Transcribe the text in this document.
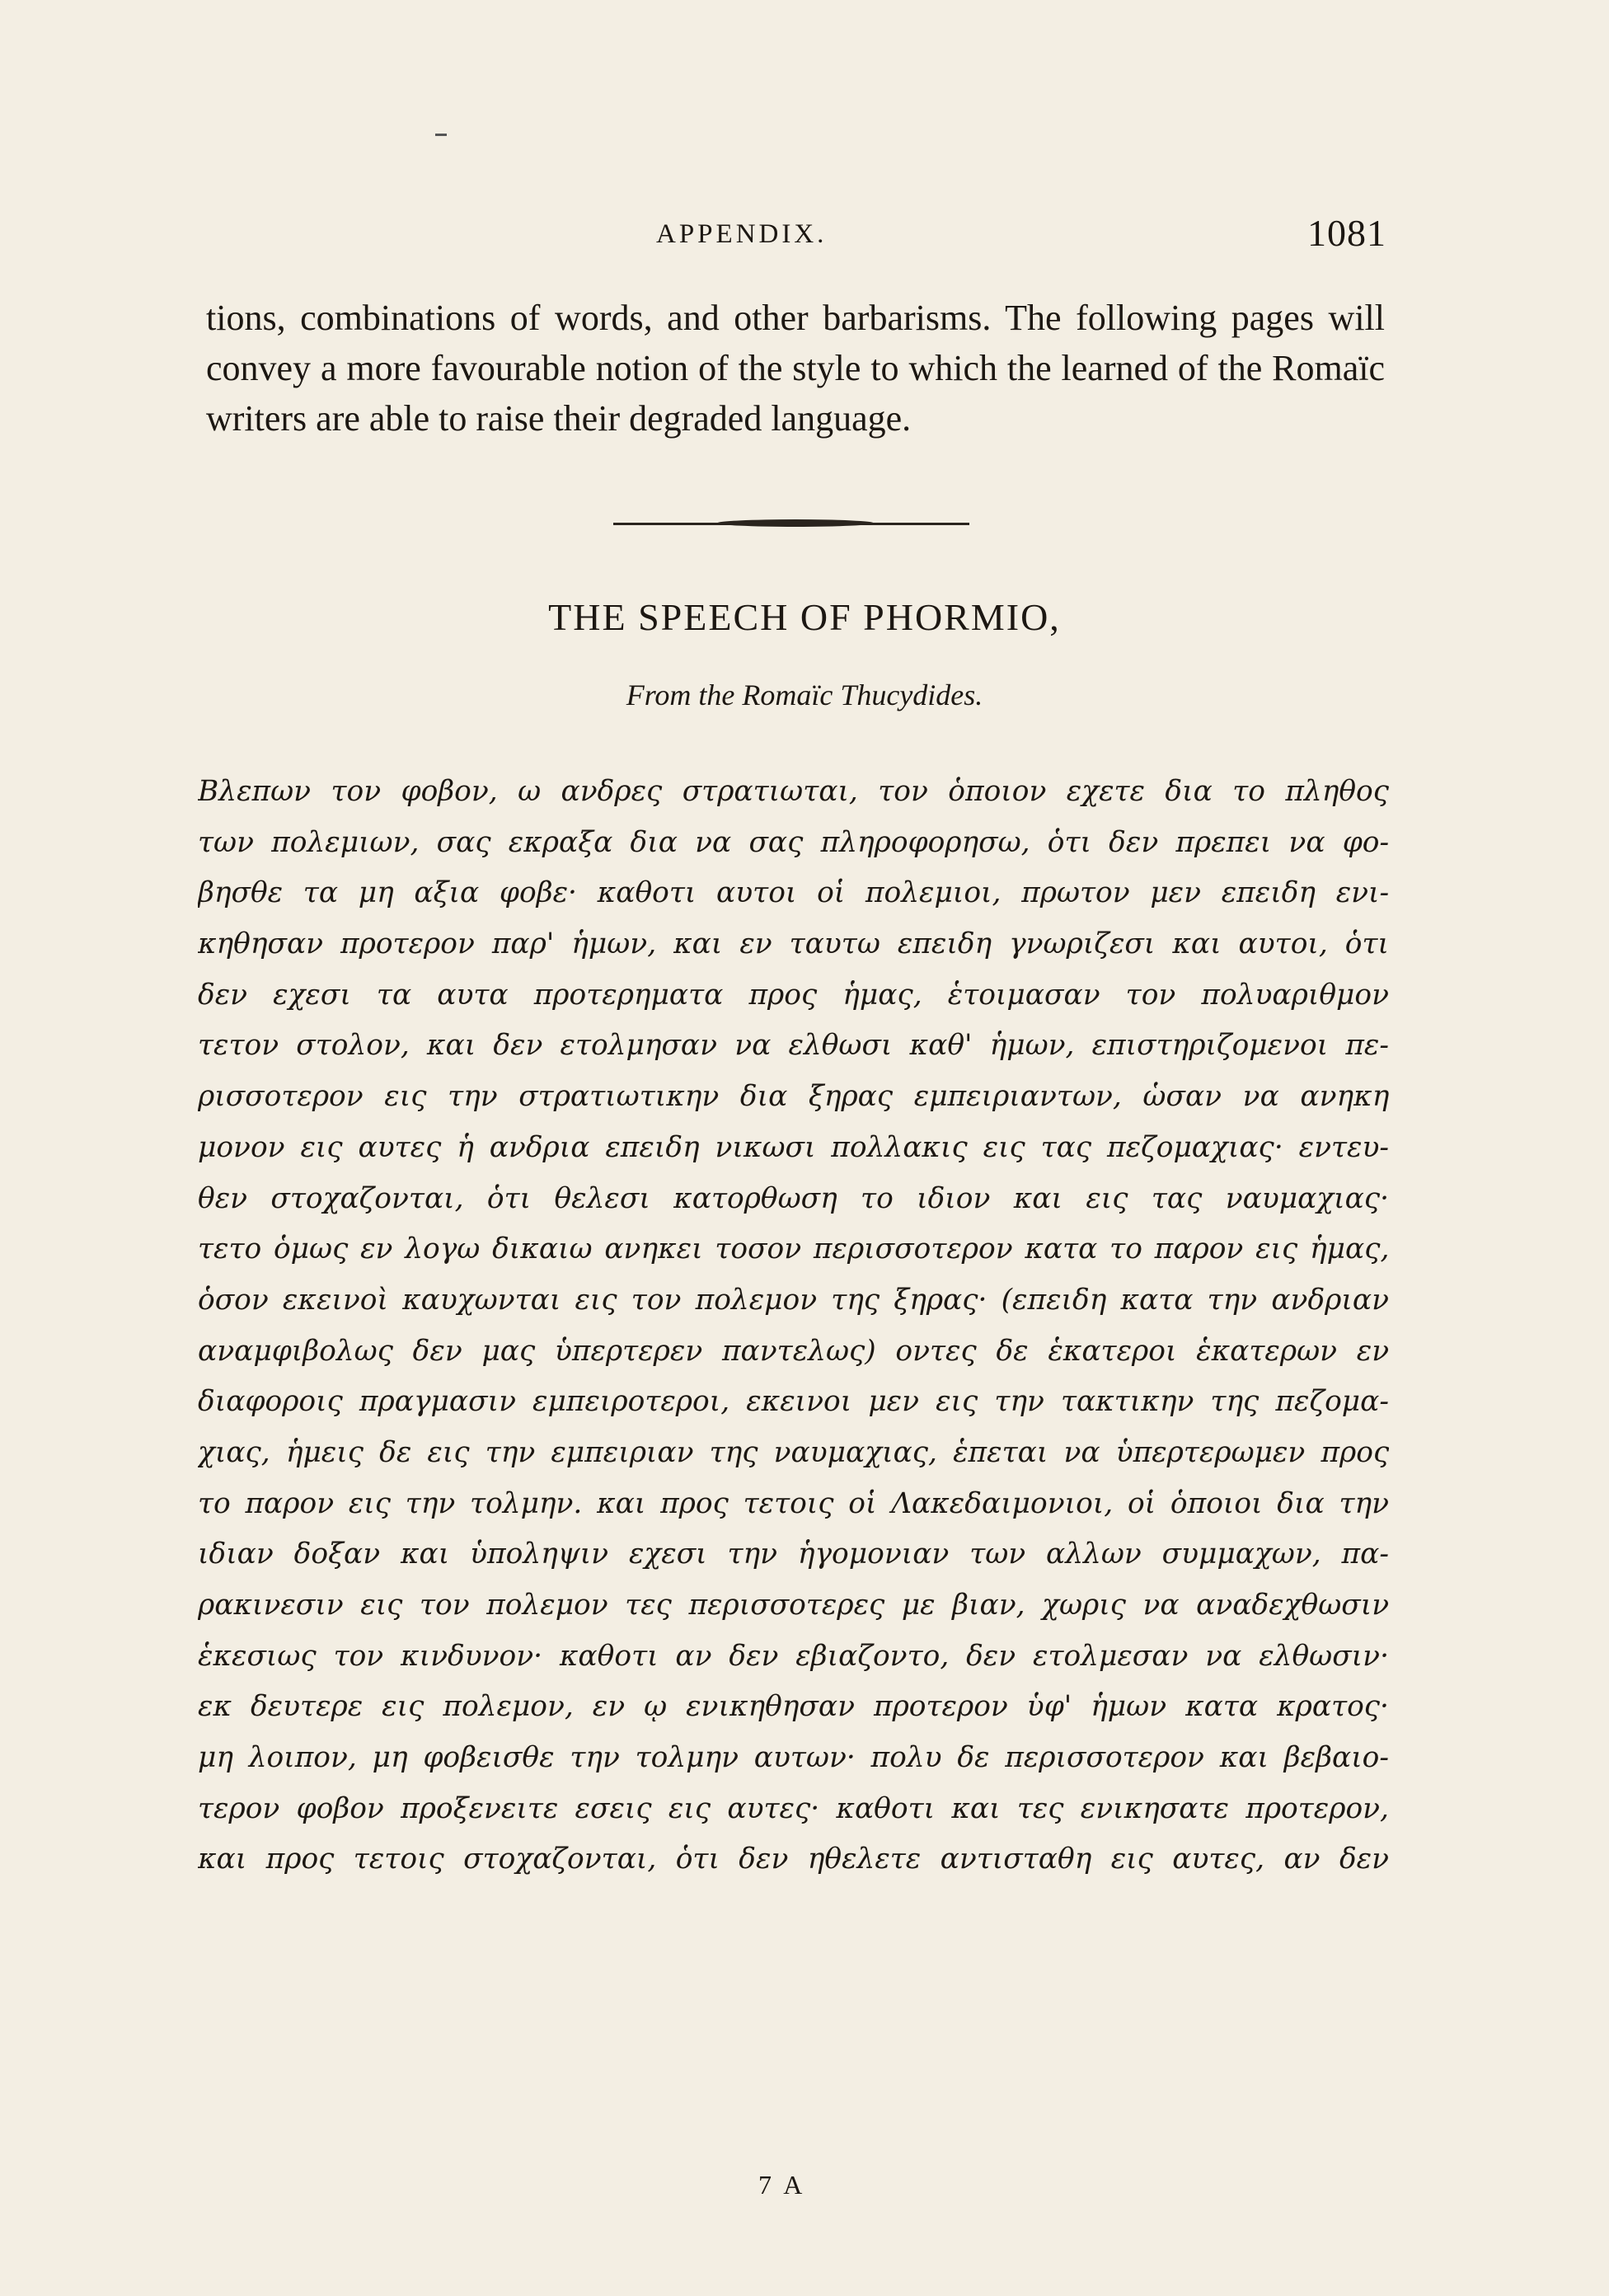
APPENDIX.	1081

tions, combinations of words, and other barbarisms. The following pages will convey a more favourable notion of the style to which the learned of the Romaïc writers are able to raise their degraded language.

THE SPEECH OF PHORMIO,
From the Romaïc Thucydides.
Βλεπων τον φοβον, ω ανδρες στρατιωται, τον ὁποιον εχετε δια το πληθος
των πολεμιων, σας εκραξα δια να σας πληροφορησω, ὁτι δεν πρεπει να φο-
βησθε τα μη αξια φοβε· καθοτι αυτοι οἱ πολεμιοι, πρωτον μεν επειδη ενι-
κηθησαν προτερον παρ' ἡμων, και εν ταυτω επειδη γνωριζεσι και αυτοι, ὁτι
δεν εχεσι τα αυτα προτερηματα προς ἡμας, ἑτοιμασαν τον πολυαριθμον
τετον στολον, και δεν ετολμησαν να ελθωσι καθ' ἡμων, επιστηριζομενοι πε-
ρισσοτερον εις την στρατιωτικην δια ξηρας εμπειριαντων, ὡσαν να ανηκη
μονον εις αυτες ἡ ανδρια επειδη νικωσι πολλακις εις τας πεζομαχιας· εντευ-
θεν στοχαζονται, ὁτι θελεσι κατορθωση το ιδιον και εις τας ναυμαχιας·
τετο ὁμως εν λογω δικαιω ανηκει τοσον περισσοτερον κατα το παρον εις ἡμας,
ὁσον εκεινοὶ καυχωνται εις τον πολεμον της ξηρας· (επειδη κατα την ανδριαν
αναμφιβολως δεν μας ὑπερτερεν παντελως) οντες δε ἑκατεροι ἑκατερων εν
διαφοροις πραγμασιν εμπειροτεροι, εκεινοι μεν εις την τακτικην της πεζομα-
χιας, ἡμεις δε εις την εμπειριαν της ναυμαχιας, ἑπεται να ὑπερτερωμεν προς
το παρον εις την τολμην. και προς τετοις οἱ Λακεδαιμονιοι, οἱ ὁποιοι δια την
ιδιαν δοξαν και ὑποληψιν εχεσι την ἡγομονιαν των αλλων συμμαχων, πα-
ρακινεσιν εις τον πολεμον τες περισσοτερες με βιαν, χωρις να αναδεχθωσιν
ἑκεσιως τον κινδυνον· καθοτι αν δεν εβιαζοντο, δεν ετολμεσαν να ελθωσιν·
εκ δευτερε εις πολεμον, εν ῳ ενικηθησαν προτερον ὑφ' ἡμων κατα κρατος·
μη λοιπον, μη φοβεισθε την τολμην αυτων· πολυ δε περισσοτερον και βεβαιο-
τερον φοβον προξενειτε εσεις εις αυτες· καθοτι και τες ενικησατε προτερον,
και προς τετοις στοχαζονται, ὁτι δεν ηθελετε αντισταθη εις αυτες, αν δεν
7 A
